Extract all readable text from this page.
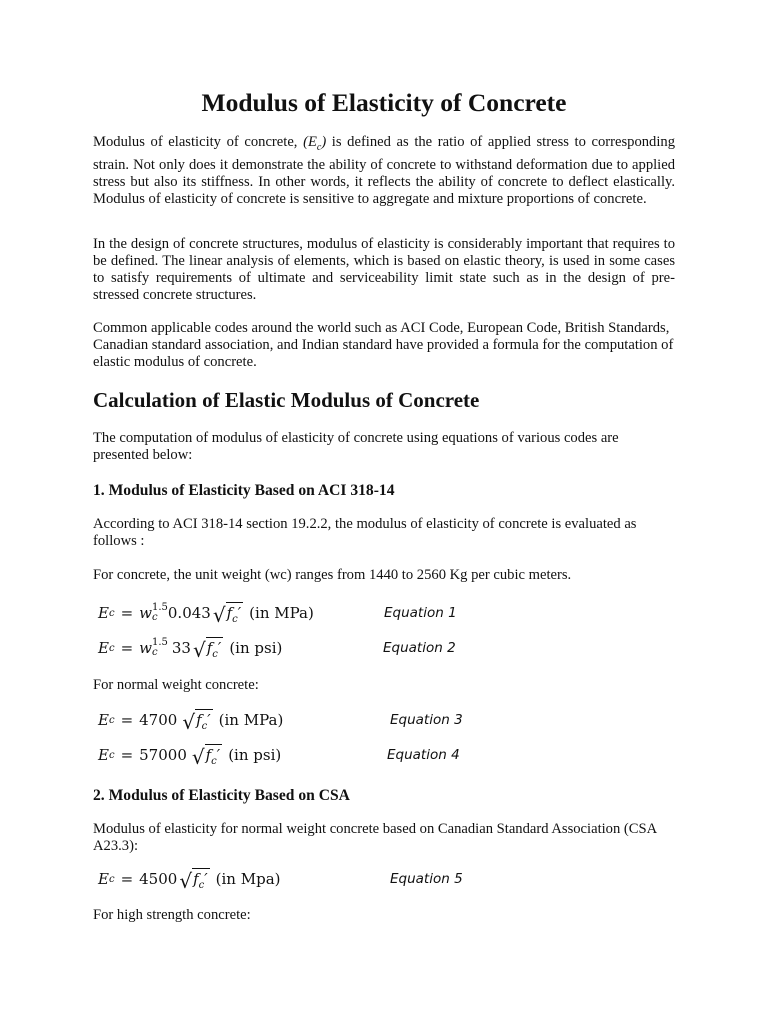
Modulus of Elasticity of Concrete

Modulus of elasticity of concrete, $(E_c)$ is defined as the ratio of applied stress to corresponding strain. Not only does it demonstrate the ability of concrete to withstand deformation due to applied stress but also its stiffness. In other words, it reflects the ability of concrete to deflect elastically. Modulus of elasticity of concrete is sensitive to aggregate and mixture proportions of concrete.

In the design of concrete structures, modulus of elasticity is considerably important that requires to be defined. The linear analysis of elements, which is based on elastic theory, is used in some cases to satisfy requirements of ultimate and serviceability limit state such as in the design of pre-stressed concrete structures.

Common applicable codes around the world such as ACI Code, European Code, British Standards, Canadian standard association, and Indian standard have provided a formula for the computation of elastic modulus of concrete.

Calculation of Elastic Modulus of Concrete

The computation of modulus of elasticity of concrete using equations of various codes are presented below:

1. Modulus of Elasticity Based on ACI 318-14

According to ACI 318-14 section 19.2.2, the modulus of elasticity of concrete is evaluated as follows :

For concrete, the unit weight (wc) ranges from 1440 to 2560 Kg per cubic meters.

E c = w 1.5
c 0.043 √ $f_c'$ (in MPa)	Equation 1
E c = w 1.5
c 33 √ $f_c'$ (in psi)	Equation 2

For normal weight concrete:

E c = 4700 √ $f_c'$ (in MPa)	Equation 3
E c = 57000 √ $f_c'$ (in psi)	Equation 4
2. Modulus of Elasticity Based on CSA

Modulus of elasticity for normal weight concrete based on Canadian Standard Association (CSA A23.3):

E c = 4500 √ $f_c'$ (in Mpa)	Equation 5

For high strength concrete:
